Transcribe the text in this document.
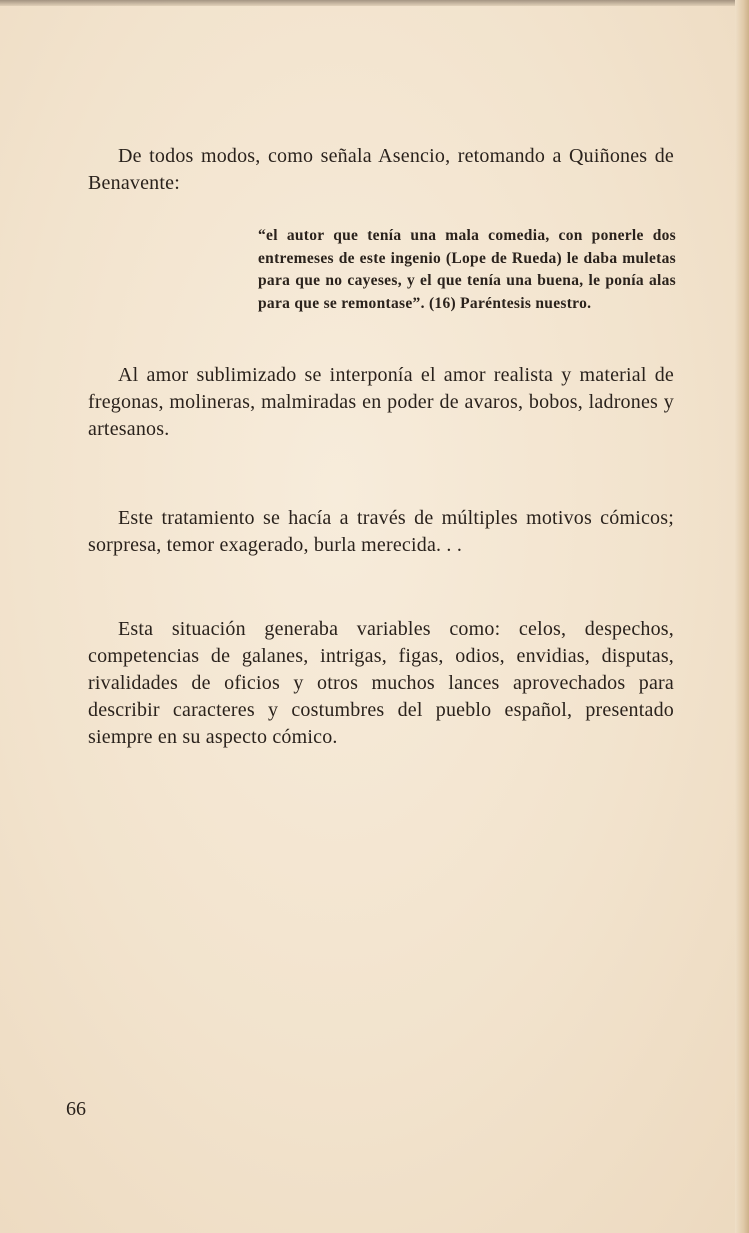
De todos modos, como señala Asencio, retomando a Quiñones de Benavente:

“el autor que tenía una mala comedia, con ponerle dos entremeses de este ingenio (Lope de Rueda) le daba muletas para que no cayeses, y el que tenía una buena, le ponía alas para que se remontase”. (16) Paréntesis nuestro.

Al amor sublimizado se interponía el amor realista y material de fregonas, molineras, malmiradas en poder de avaros, bobos, ladrones y artesanos.

Este tratamiento se hacía a través de múltiples motivos cómicos; sorpresa, temor exagerado, burla merecida. . .

Esta situación generaba variables como: celos, despechos, competencias de galanes, intrigas, figas, odios, envidias, disputas, rivalidades de oficios y otros muchos lances aprovechados para describir caracteres y costumbres del pueblo español, presentado siempre en su aspecto cómico.

66
